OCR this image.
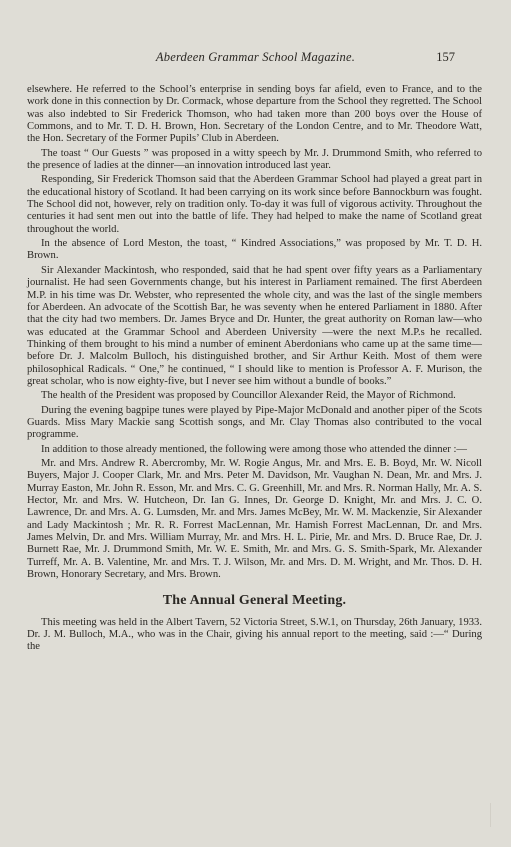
Aberdeen Grammar School Magazine.	157

elsewhere. He referred to the School’s enterprise in sending boys far afield, even to France, and to the work done in this connection by Dr. Cormack, whose departure from the School they regretted. The School was also indebted to Sir Frederick Thomson, who had taken more than 200 boys over the House of Commons, and to Mr. T. D. H. Brown, Hon. Secretary of the London Centre, and to Mr. Theodore Watt, the Hon. Secretary of the Former Pupils’ Club in Aberdeen.

The toast “ Our Guests ” was proposed in a witty speech by Mr. J. Drummond Smith, who referred to the presence of ladies at the dinner—an innovation introduced last year.

Responding, Sir Frederick Thomson said that the Aberdeen Grammar School had played a great part in the educational history of Scotland. It had been carrying on its work since before Bannockburn was fought. The School did not, however, rely on tradition only. To-day it was full of vigorous activity. Throughout the centuries it had sent men out into the battle of life. They had helped to make the name of Scotland great throughout the world.

In the absence of Lord Meston, the toast, “ Kindred Associations,” was proposed by Mr. T. D. H. Brown.

Sir Alexander Mackintosh, who responded, said that he had spent over fifty years as a Parliamentary journalist. He had seen Governments change, but his interest in Parliament remained. The first Aberdeen M.P. in his time was Dr. Webster, who represented the whole city, and was the last of the single members for Aberdeen. An advocate of the Scottish Bar, he was seventy when he entered Parliament in 1880. After that the city had two members. Dr. James Bryce and Dr. Hunter, the great authority on Roman law—who was educated at the Grammar School and Aberdeen University —were the next M.P.s he recalled. Thinking of them brought to his mind a number of eminent Aberdonians who came up at the same time—before Dr. J. Malcolm Bulloch, his distinguished brother, and Sir Arthur Keith. Most of them were philosophical Radicals. “ One,” he continued, “ I should like to mention is Professor A. F. Murison, the great scholar, who is now eighty-five, but I never see him without a bundle of books.”

The health of the President was proposed by Councillor Alexander Reid, the Mayor of Richmond.

During the evening bagpipe tunes were played by Pipe-Major McDonald and another piper of the Scots Guards. Miss Mary Mackie sang Scottish songs, and Mr. Clay Thomas also contributed to the vocal programme.

In addition to those already mentioned, the following were among those who attended the dinner :—

Mr. and Mrs. Andrew R. Abercromby, Mr. W. Rogie Angus, Mr. and Mrs. E. B. Boyd, Mr. W. Nicoll Buyers, Major J. Cooper Clark, Mr. and Mrs. Peter M. Davidson, Mr. Vaughan N. Dean, Mr. and Mrs. J. Murray Easton, Mr. John R. Esson, Mr. and Mrs. C. G. Greenhill, Mr. and Mrs. R. Norman Hally, Mr. A. S. Hector, Mr. and Mrs. W. Hutcheon, Dr. Ian G. Innes, Dr. George D. Knight, Mr. and Mrs. J. C. O. Lawrence, Dr. and Mrs. A. G. Lumsden, Mr. and Mrs. James McBey, Mr. W. M. Mackenzie, Sir Alexander and Lady Mackintosh ; Mr. R. R. Forrest MacLennan, Mr. Hamish Forrest MacLennan, Dr. and Mrs. James Melvin, Dr. and Mrs. William Murray, Mr. and Mrs. H. L. Pirie, Mr. and Mrs. D. Bruce Rae, Dr. J. Burnett Rae, Mr. J. Drummond Smith, Mr. W. E. Smith, Mr. and Mrs. G. S. Smith-Spark, Mr. Alexander Turreff, Mr. A. B. Valentine, Mr. and Mrs. T. J. Wilson, Mr. and Mrs. D. M. Wright, and Mr. Thos. D. H. Brown, Honorary Secretary, and Mrs. Brown.

The Annual General Meeting.

This meeting was held in the Albert Tavern, 52 Victoria Street, S.W.1, on Thursday, 26th January, 1933. Dr. J. M. Bulloch, M.A., who was in the Chair, giving his annual report to the meeting, said :—“ During the
